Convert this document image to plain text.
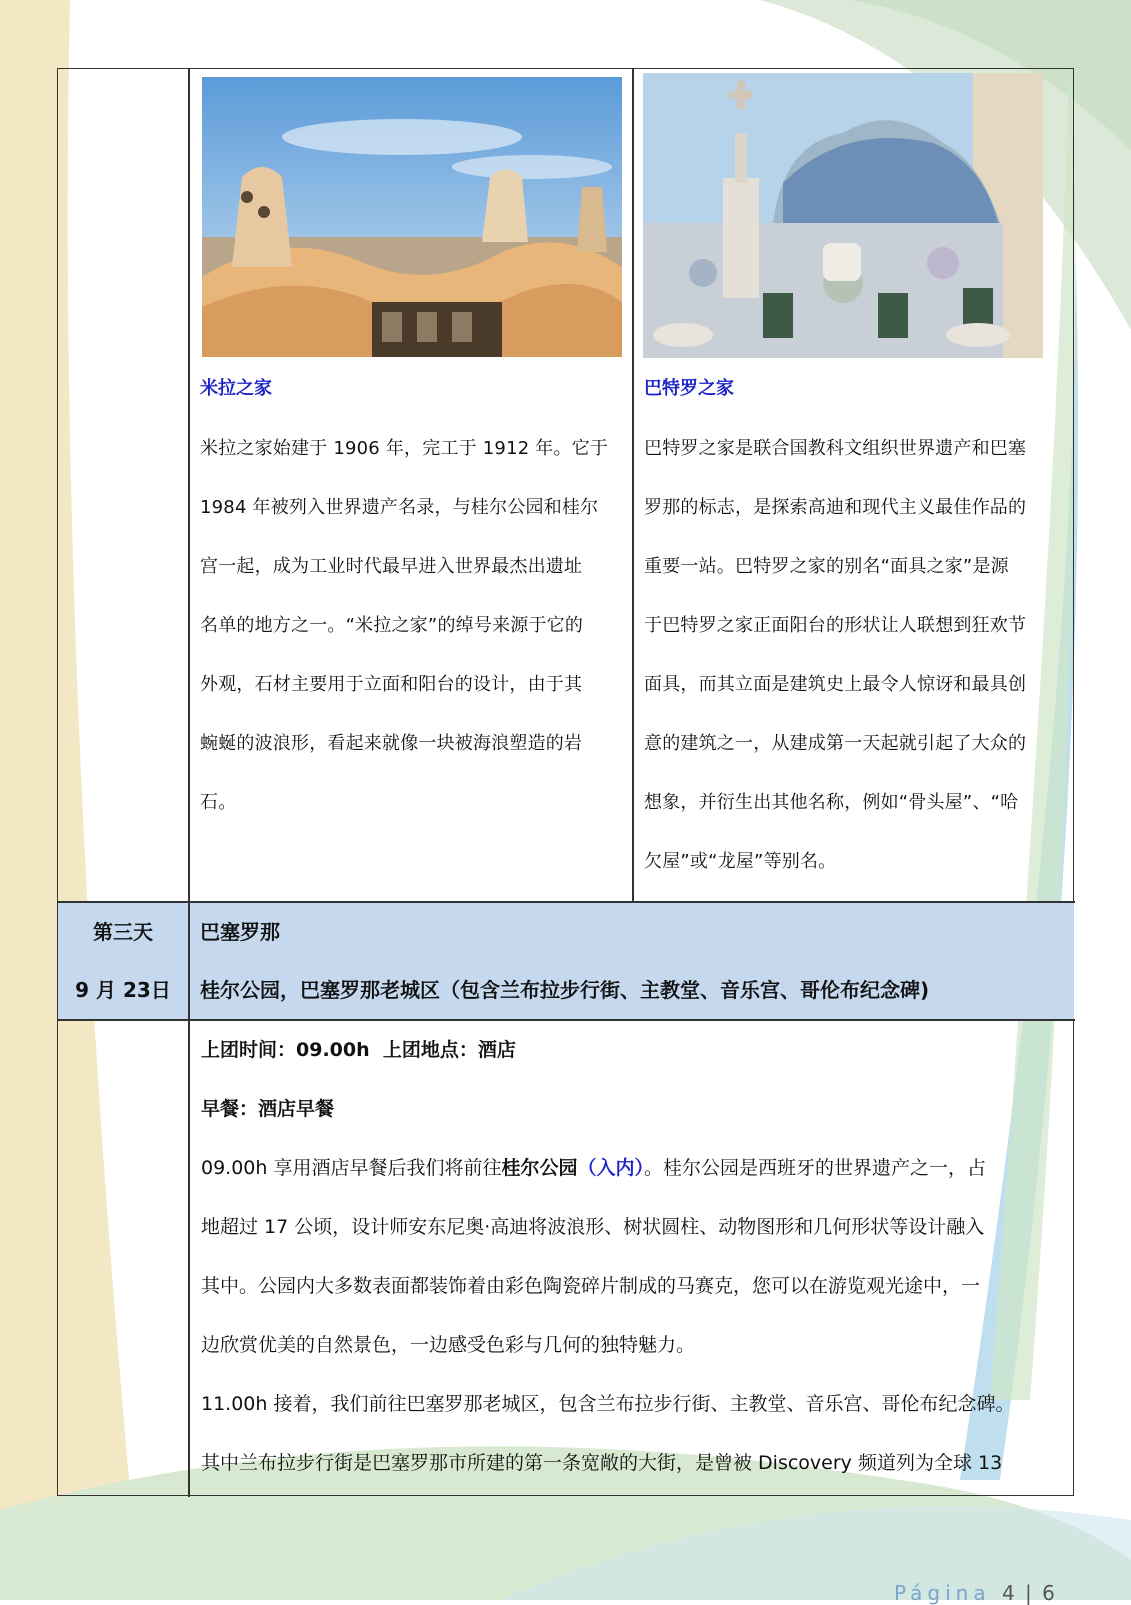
米拉之家	巴特罗之家
米拉之家始建于 1906 年，完工于 1912 年。它于
1984 年被列入世界遗产名录，与桂尔公园和桂尔
宫一起，成为工业时代最早进入世界最杰出遗址
名单的地方之一。“米拉之家”的绰号来源于它的
外观，石材主要用于立面和阳台的设计，由于其
蜿蜒的波浪形，看起来就像一块被海浪塑造的岩
石。
巴特罗之家是联合国教科文组织世界遗产和巴塞
罗那的标志，是探索高迪和现代主义最佳作品的
重要一站。巴特罗之家的别名“面具之家”是源
于巴特罗之家正面阳台的形状让人联想到狂欢节
面具，而其立面是建筑史上最令人惊讶和最具创
意的建筑之一，从建成第一天起就引起了大众的
想象，并衍生出其他名称，例如“骨头屋”、“哈
欠屋”或“龙屋”等别名。
第三天
9 月 23日
巴塞罗那
桂尔公园，巴塞罗那老城区（包含兰布拉步行街、主教堂、音乐宫、哥伦布纪念碑)
上团时间：09.00h 上团地点：酒店
早餐：酒店早餐
09.00h 享用酒店早餐后我们将前往桂尔公园（入内）。桂尔公园是西班牙的世界遗产之一，占
地超过 17 公顷，设计师安东尼奥·高迪将波浪形、树状圆柱、动物图形和几何形状等设计融入
其中。公园内大多数表面都装饰着由彩色陶瓷碎片制成的马赛克，您可以在游览观光途中，一
边欣赏优美的自然景色，一边感受色彩与几何的独特魅力。
11.00h 接着，我们前往巴塞罗那老城区，包含兰布拉步行街、主教堂、音乐宫、哥伦布纪念碑。
其中兰布拉步行街是巴塞罗那市所建的第一条宽敞的大街，是曾被 Discovery 频道列为全球 13
Página 4 | 6
